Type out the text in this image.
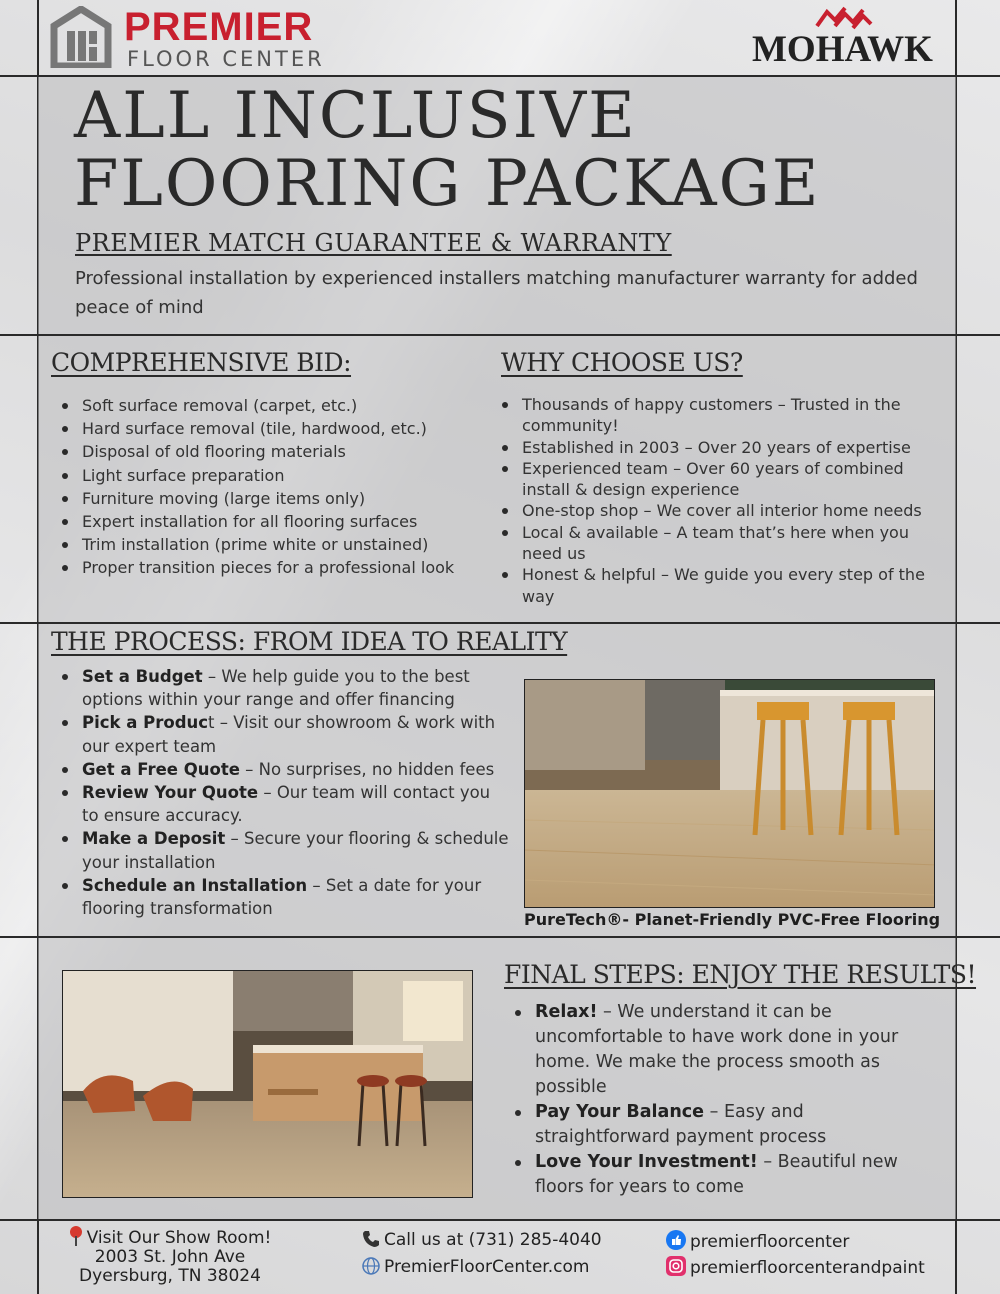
PREMIER
FLOOR CENTER	MOHAWK
ALL INCLUSIVE
FLOORING PACKAGE
PREMIER MATCH GUARANTEE & WARRANTY

Professional installation by experienced installers matching manufacturer warranty for added peace of mind

COMPREHENSIVE BID:
Soft surface removal (carpet, etc.)
Hard surface removal (tile, hardwood, etc.)
Disposal of old flooring materials
Light surface preparation
Furniture moving (large items only)
Expert installation for all flooring surfaces
Trim installation (prime white or unstained)
Proper transition pieces for a professional look
WHY CHOOSE US?
Thousands of happy customers – Trusted in the community!
Established in 2003 – Over 20 years of expertise
Experienced team – Over 60 years of combined install & design experience
One-stop shop – We cover all interior home needs
Local & available – A team that’s here when you need us
Honest & helpful – We guide you every step of the way
THE PROCESS: FROM IDEA TO REALITY
Set a Budget – We help guide you to the best options within your range and offer financing
Pick a Product – Visit our showroom & work with our expert team
Get a Free Quote – No surprises, no hidden fees
Review Your Quote – Our team will contact you to ensure accuracy.
Make a Deposit – Secure your flooring & schedule your installation
Schedule an Installation – Set a date for your flooring transformation
PureTech®- Planet-Friendly PVC-Free Flooring
FINAL STEPS: ENJOY THE RESULTS!
Relax! – We understand it can be uncomfortable to have work done in your home. We make the process smooth as possible
Pay Your Balance – Easy and straightforward payment process
Love Your Investment! – Beautiful new floors for years to come
Visit Our Show Room!
2003 St. John Ave
Dyersburg, TN 38024
Call us at (731) 285-4040
PremierFloorCenter.com
premierfloorcenter
premierfloorcenterandpaint
